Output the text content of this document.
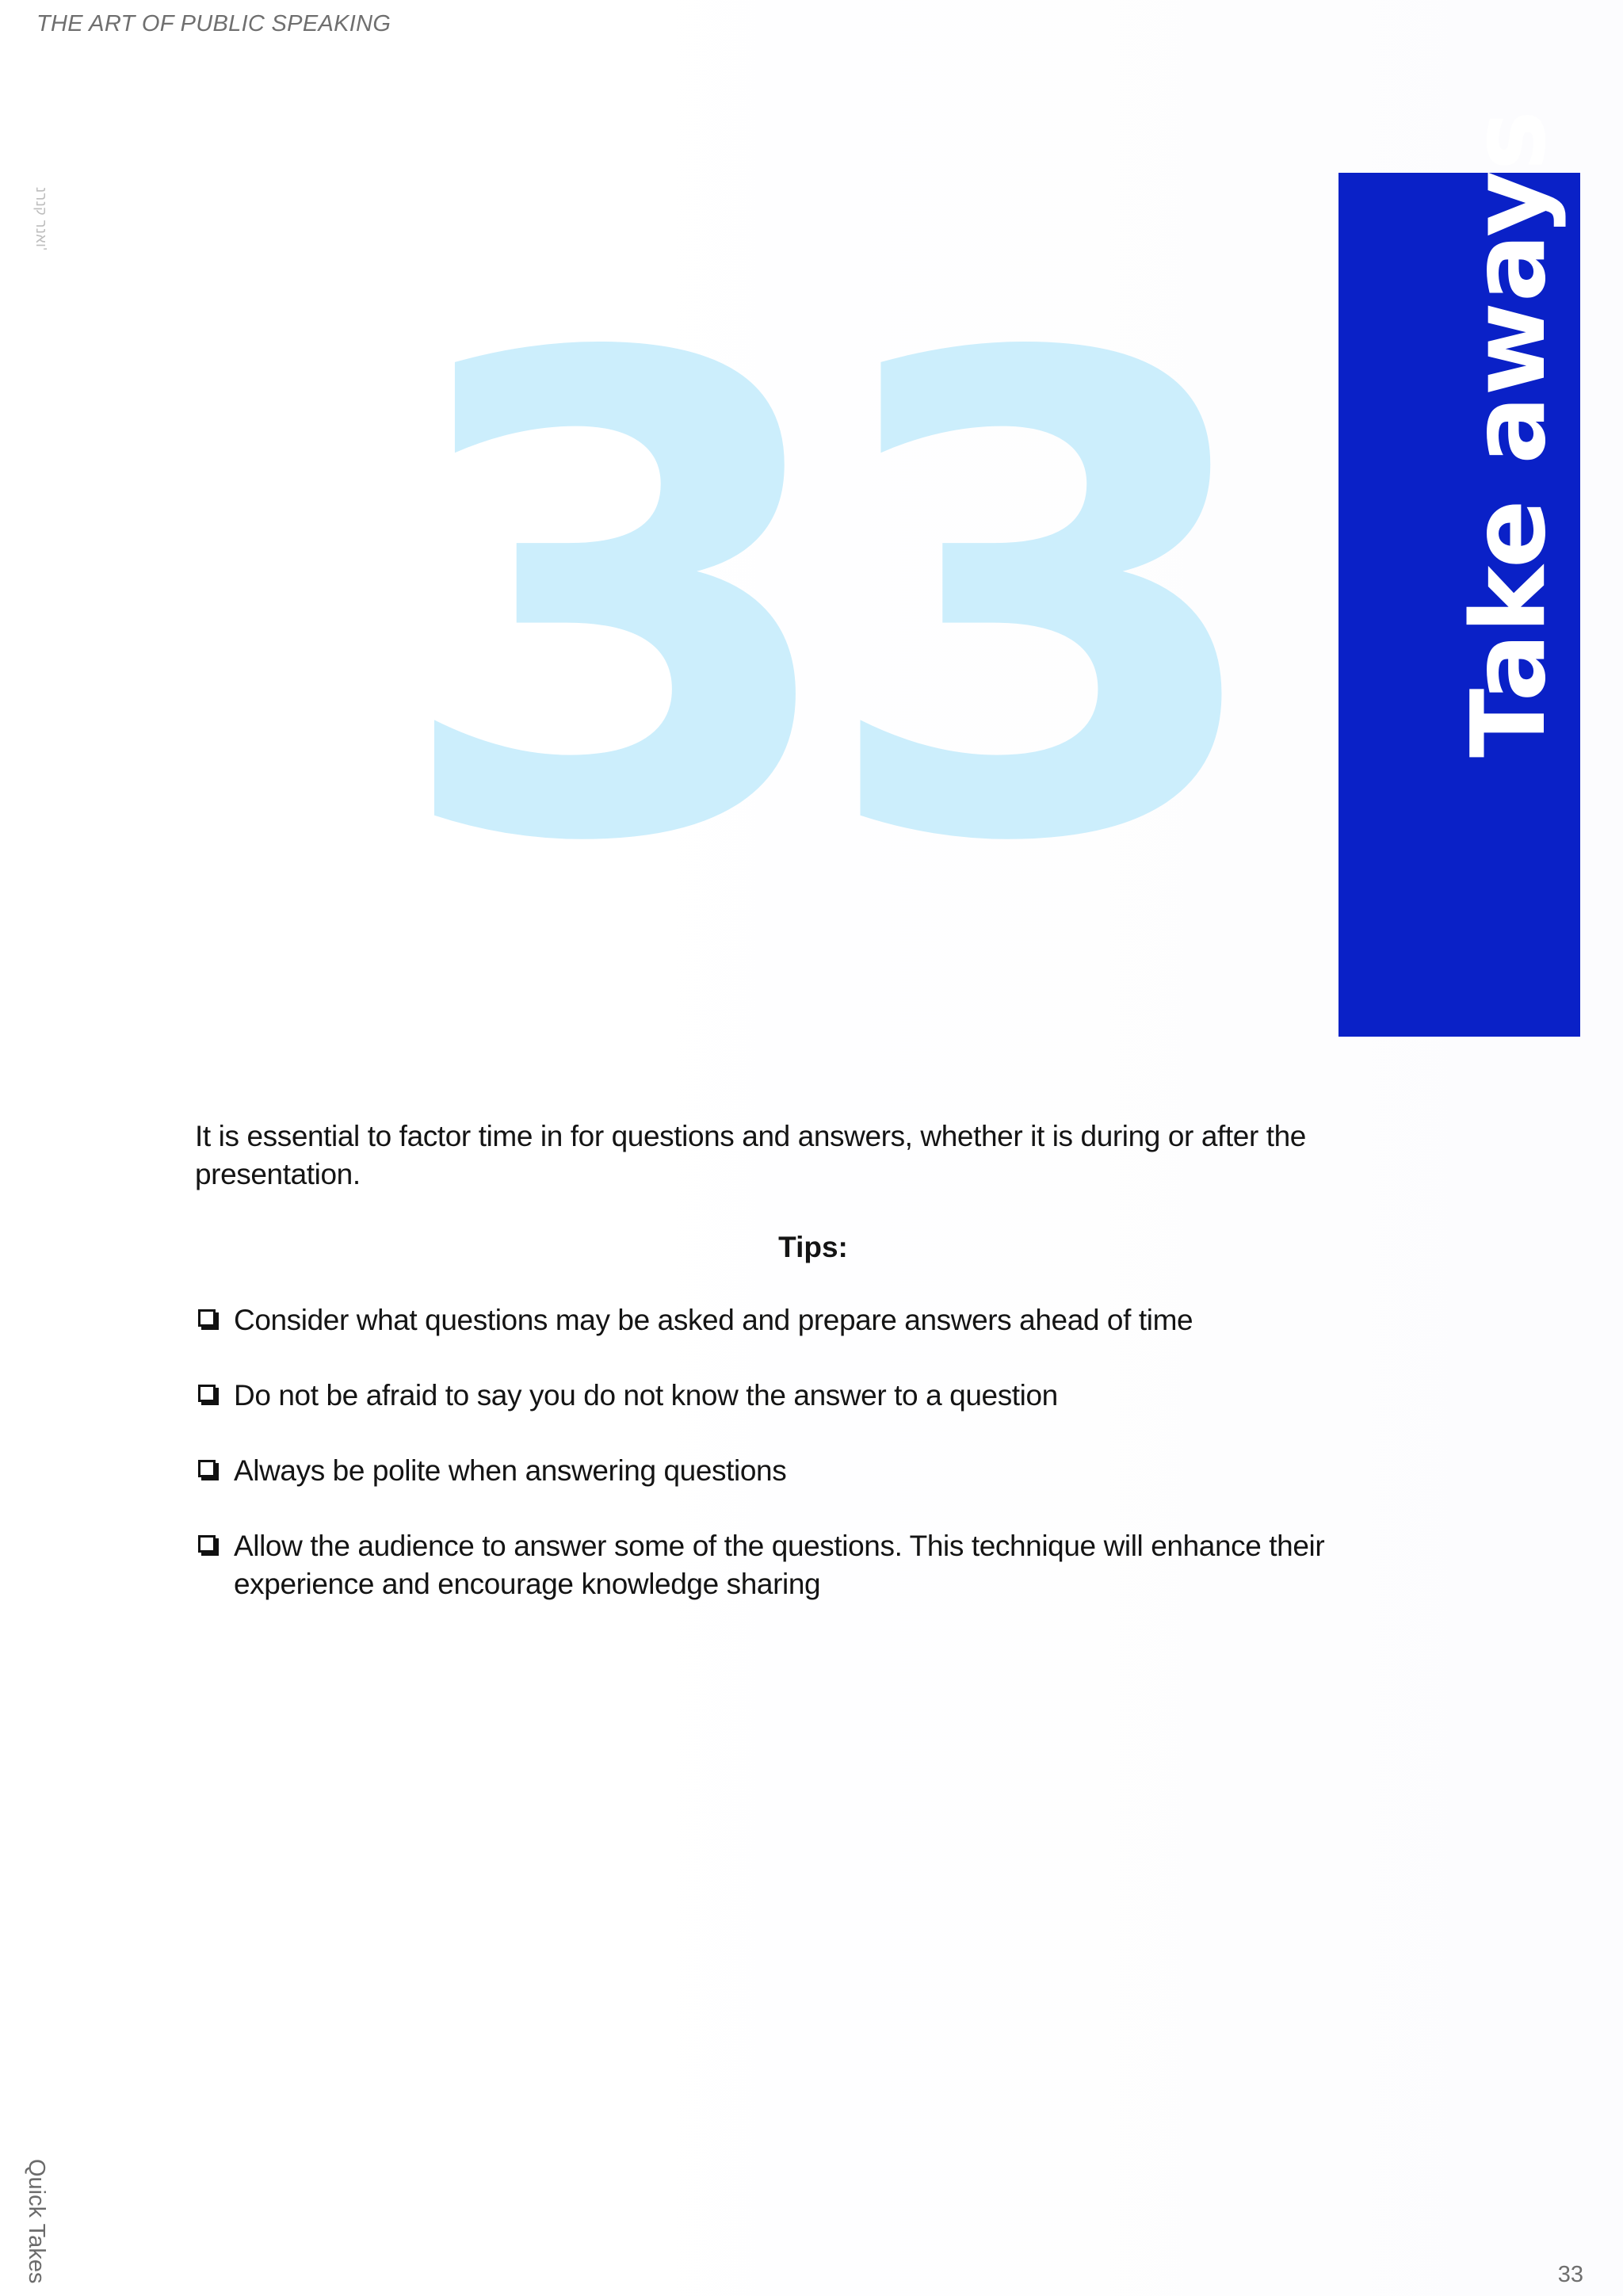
THE ART OF PUBLIC SPEAKING
ואנר קנרנ' 33 Take aways

It is essential to factor time in for questions and answers, whether it is during or after the presentation.

Tips:
Consider what questions may be asked and prepare answers ahead of time
Do not be afraid to say you do not know the answer to a question
Always be polite when answering questions
Allow the audience to answer some of the questions. This technique will enhance their experience and encourage knowledge sharing
Quick Takes	33
